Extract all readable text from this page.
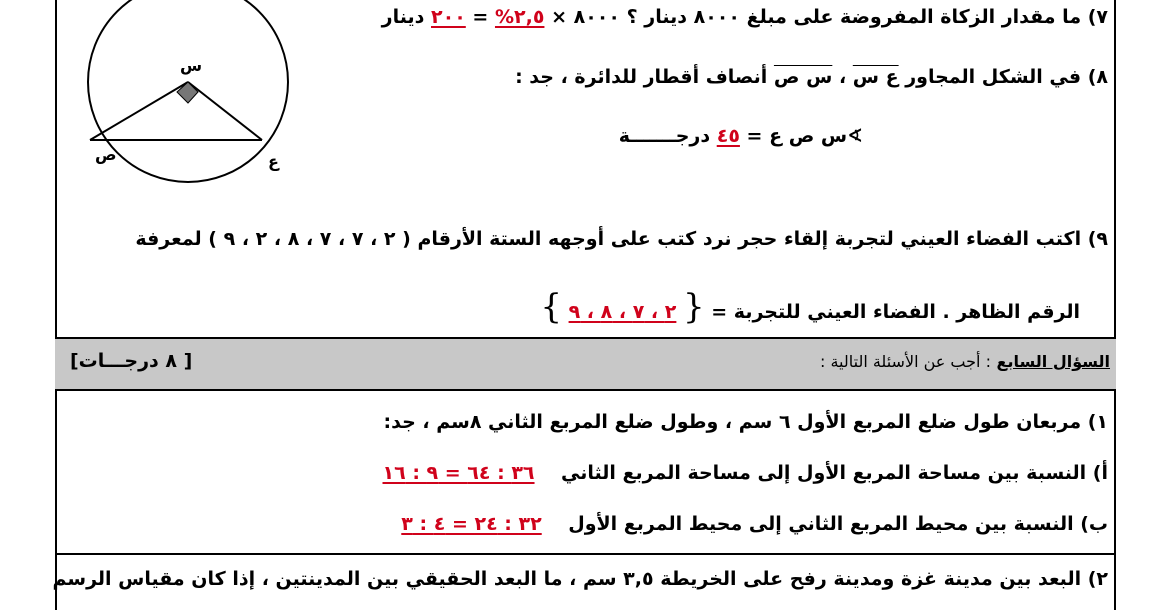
س
ص	ع
٧) ما مقدار الزكاة المفروضة على مبلغ ٨٠٠٠ دينار ؟ ٨٠٠٠ × ٢,٥% = ٢٠٠ دينار
٨) في الشكل المجاور ع س ، س ص أنصاف أقطار للدائرة ، جد :
∢س ص ع = ٤٥ درجـــــــة
٩) اكتب الفضاء العيني لتجربة إلقاء حجر نرد كتب على أوجهه الستة الأرقام ( ٢ ، ٧ ، ٧ ، ٨ ، ٢ ، ٩ ) لمعرفة
الرقم الظاهر . الفضاء العيني للتجربة = { ٢ ، ٧ ، ٨ ، ٩ }
السؤال السابع : أجب عن الأسئلة التالية :
[ ٨ درجـــات]
١) مربعان طول ضلع المربع الأول ٦ سم ، وطول ضلع المربع الثاني ٨سم ، جد:
أ) النسبة بين مساحة المربع الأول إلى مساحة المربع الثاني    ٣٦ : ٦٤ = ٩ : ١٦
ب) النسبة بين محيط المربع الثاني إلى محيط المربع الأول    ٣٢ : ٢٤ = ٤ : ٣
٢) البعد بين مدينة غزة ومدينة رفح على الخريطة ٣,٥ سم ، ما البعد الحقيقي بين المدينتين ، إذا كان مقياس الرسم
